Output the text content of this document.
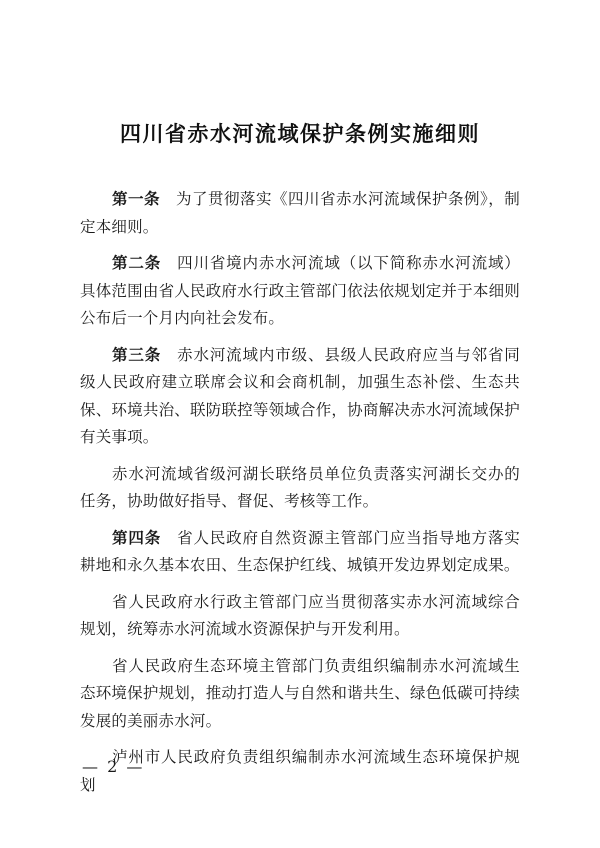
四川省赤水河流域保护条例实施细则

第一条 为了贯彻落实《四川省赤水河流域保护条例》，制定本细则。

第二条 四川省境内赤水河流域（以下简称赤水河流域）具体范围由省人民政府水行政主管部门依法依规划定并于本细则公布后一个月内向社会发布。

第三条 赤水河流域内市级、县级人民政府应当与邻省同级人民政府建立联席会议和会商机制，加强生态补偿、生态共保、环境共治、联防联控等领域合作，协商解决赤水河流域保护有关事项。

赤水河流域省级河湖长联络员单位负责落实河湖长交办的任务，协助做好指导、督促、考核等工作。

第四条 省人民政府自然资源主管部门应当指导地方落实耕地和永久基本农田、生态保护红线、城镇开发边界划定成果。

省人民政府水行政主管部门应当贯彻落实赤水河流域综合规划，统筹赤水河流域水资源保护与开发利用。

省人民政府生态环境主管部门负责组织编制赤水河流域生态环境保护规划，推动打造人与自然和谐共生、绿色低碳可持续发展的美丽赤水河。

泸州市人民政府负责组织编制赤水河流域生态环境保护规划

— 2 —
